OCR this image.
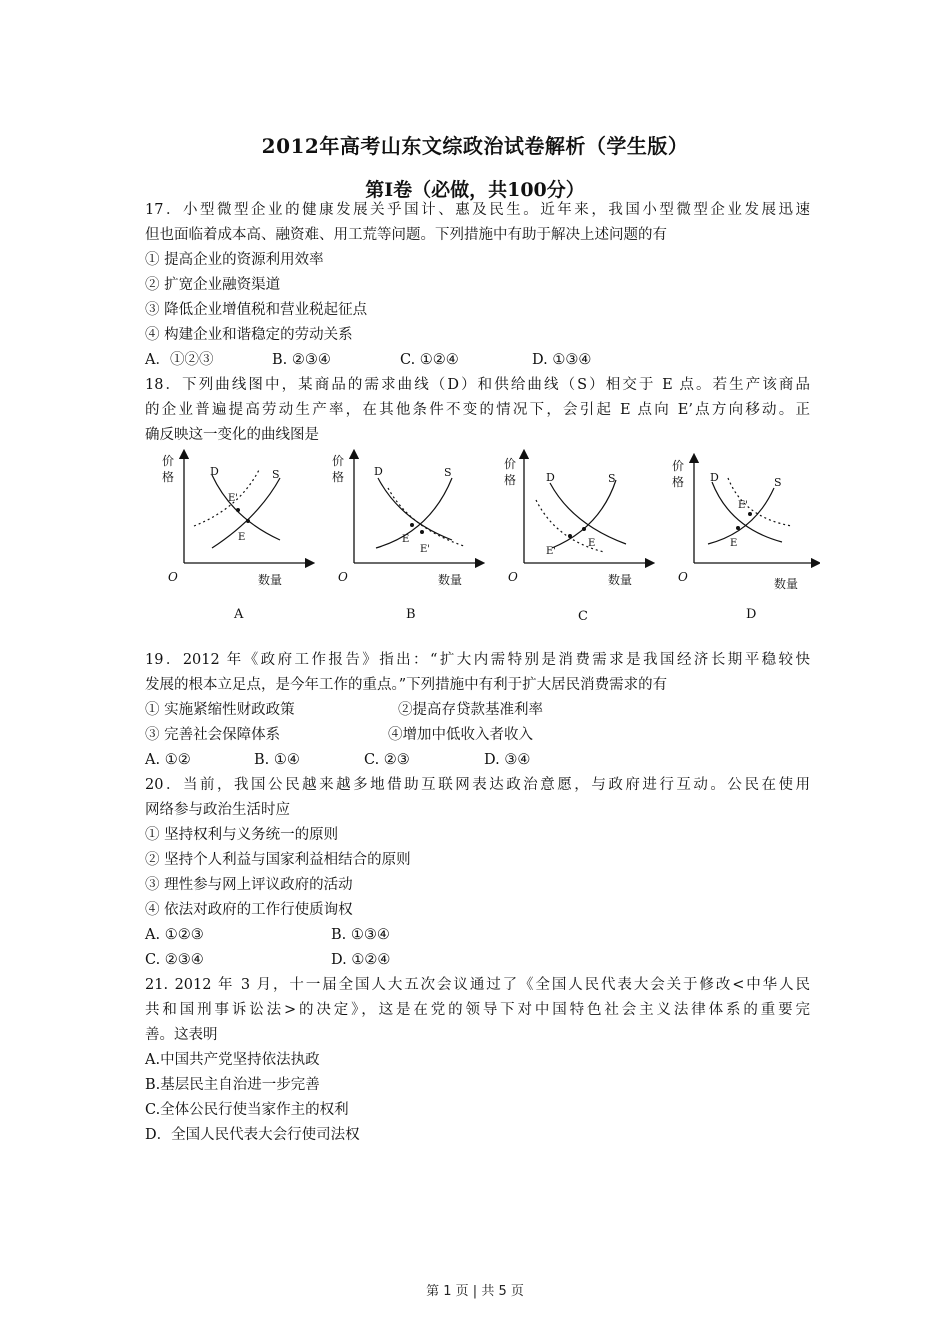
2012年高考山东文综政治试卷解析（学生版）
第Ⅰ卷（必做，共100分）
17．小型微型企业的健康发展关乎国计、惠及民生。近年来，我国小型微型企业发展迅速
但也面临着成本高、融资难、用工荒等问题。下列措施中有助于解决上述问题的有
① 提高企业的资源利用效率
② 扩宽企业融资渠道
③ 降低企业增值税和营业税起征点
④ 构建企业和谐稳定的劳动关系
A．①②③	B. ②③④	C. ①②④	D. ①③④
18．下列曲线图中，某商品的需求曲线（D）和供给曲线（S）相交于 E 点。若生产该商品
的企业普遍提高劳动生产率，在其他条件不变的情况下，会引起 E 点向 E’点方向移动。正
确反映这一变化的曲线图是
价
格
O	数量
D	S
E'
E
A
价
格
O	数量
D	S
E
E'
B
价
格
O	数量
D	S
E
E'
C
价
格
O	数量
D	S
E'
E
D
19．2012 年《政府工作报告》指出：“扩大内需特别是消费需求是我国经济长期平稳较快
发展的根本立足点，是今年工作的重点。”下列措施中有利于扩大居民消费需求的有
① 实施紧缩性财政政策	②提高存贷款基准利率
③ 完善社会保障体系	④增加中低收入者收入
A. ①②	B. ①④	C. ②③	D. ③④
20．当前，我国公民越来越多地借助互联网表达政治意愿，与政府进行互动。公民在使用
网络参与政治生活时应
① 坚持权利与义务统一的原则
② 坚持个人利益与国家利益相结合的原则
③ 理性参与网上评议政府的活动
④ 依法对政府的工作行使质询权
A. ①②③	B. ①③④
C. ②③④	D. ①②④
21. 2012 年 3 月，十一届全国人大五次会议通过了《全国人民代表大会关于修改<中华人民
共和国刑事诉讼法>的决定》，这是在党的领导下对中国特色社会主义法律体系的重要完
善。这表明
A.中国共产党坚持依法执政
B.基层民主自治进一步完善
C.全体公民行使当家作主的权利
D．全国人民代表大会行使司法权
第 1 页 | 共 5 页
